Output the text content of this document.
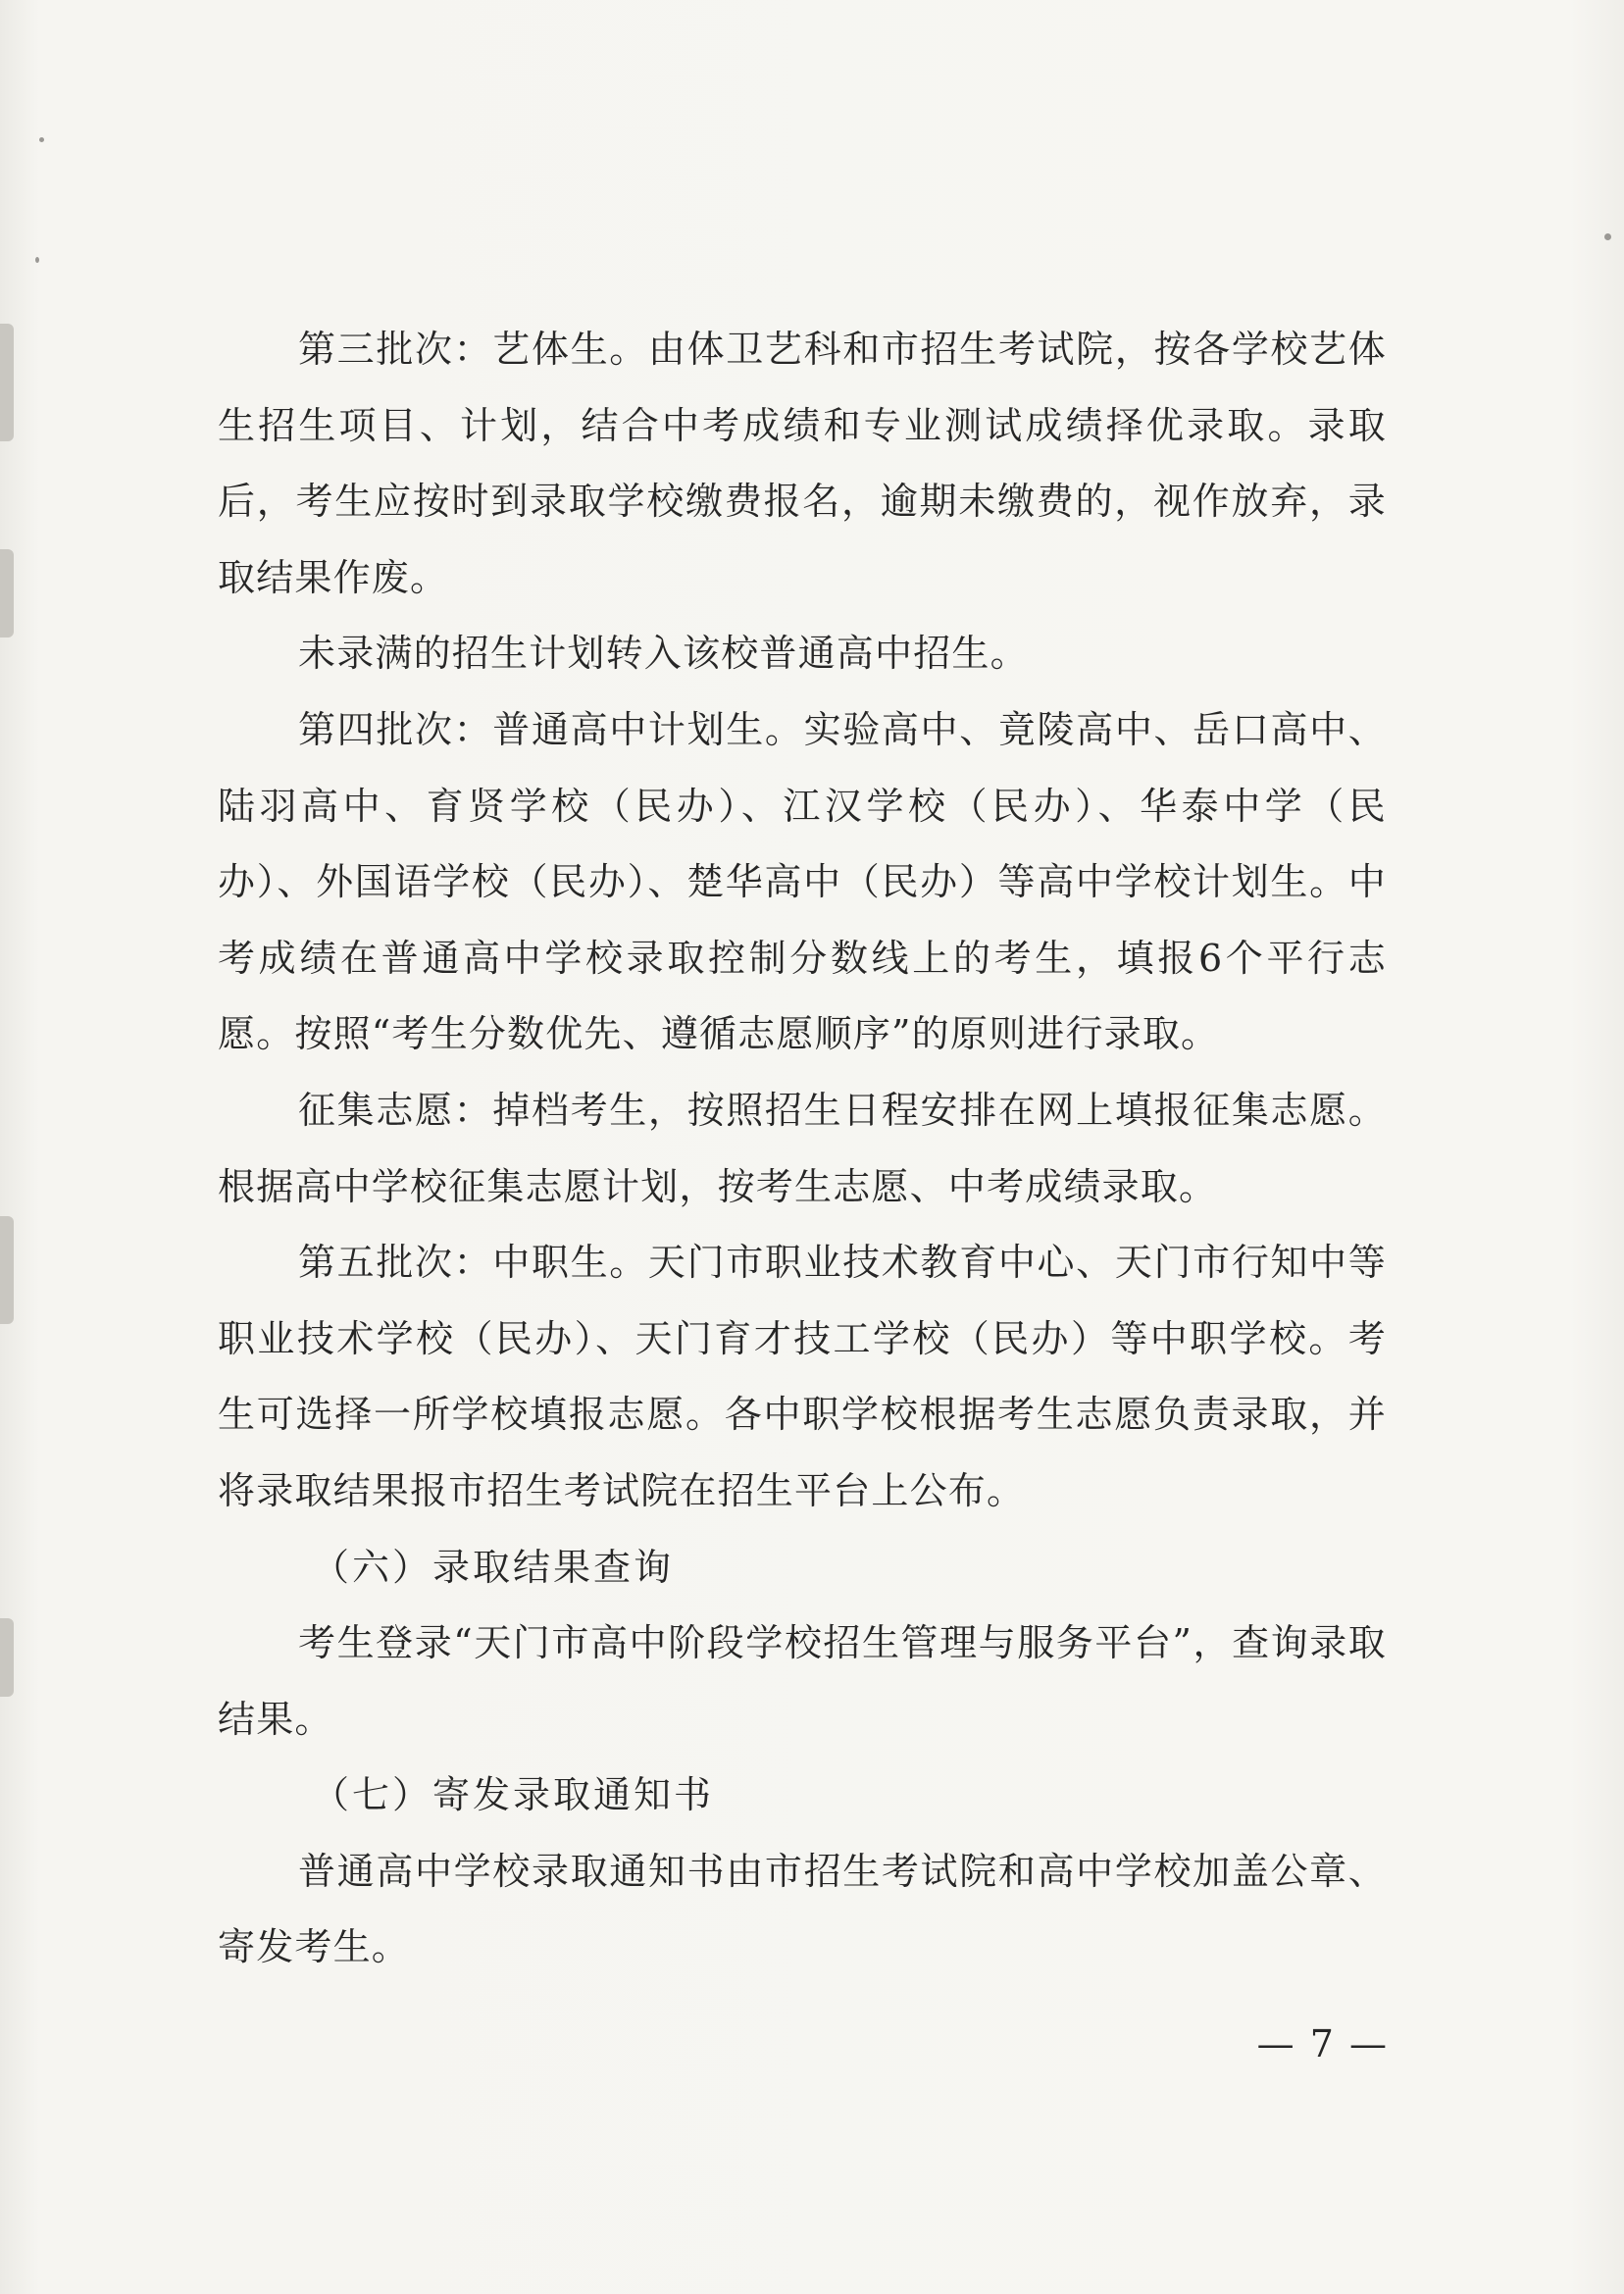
第三批次：艺体生。由体卫艺科和市招生考试院，按各学校艺体生招生项目、计划，结合中考成绩和专业测试成绩择优录取。录取后，考生应按时到录取学校缴费报名，逾期未缴费的，视作放弃，录取结果作废。

未录满的招生计划转入该校普通高中招生。

第四批次：普通高中计划生。实验高中、竟陵高中、岳口高中、陆羽高中、育贤学校（民办）、江汉学校（民办）、华泰中学（民办）、外国语学校（民办）、楚华高中（民办）等高中学校计划生。中考成绩在普通高中学校录取控制分数线上的考生，填报6个平行志愿。按照“考生分数优先、遵循志愿顺序”的原则进行录取。

征集志愿：掉档考生，按照招生日程安排在网上填报征集志愿。根据高中学校征集志愿计划，按考生志愿、中考成绩录取。

第五批次：中职生。天门市职业技术教育中心、天门市行知中等职业技术学校（民办）、天门育才技工学校（民办）等中职学校。考生可选择一所学校填报志愿。各中职学校根据考生志愿负责录取，并将录取结果报市招生考试院在招生平台上公布。

（六）录取结果查询

考生登录“天门市高中阶段学校招生管理与服务平台”，查询录取结果。

（七）寄发录取通知书

普通高中学校录取通知书由市招生考试院和高中学校加盖公章、寄发考生。

— 7 —
